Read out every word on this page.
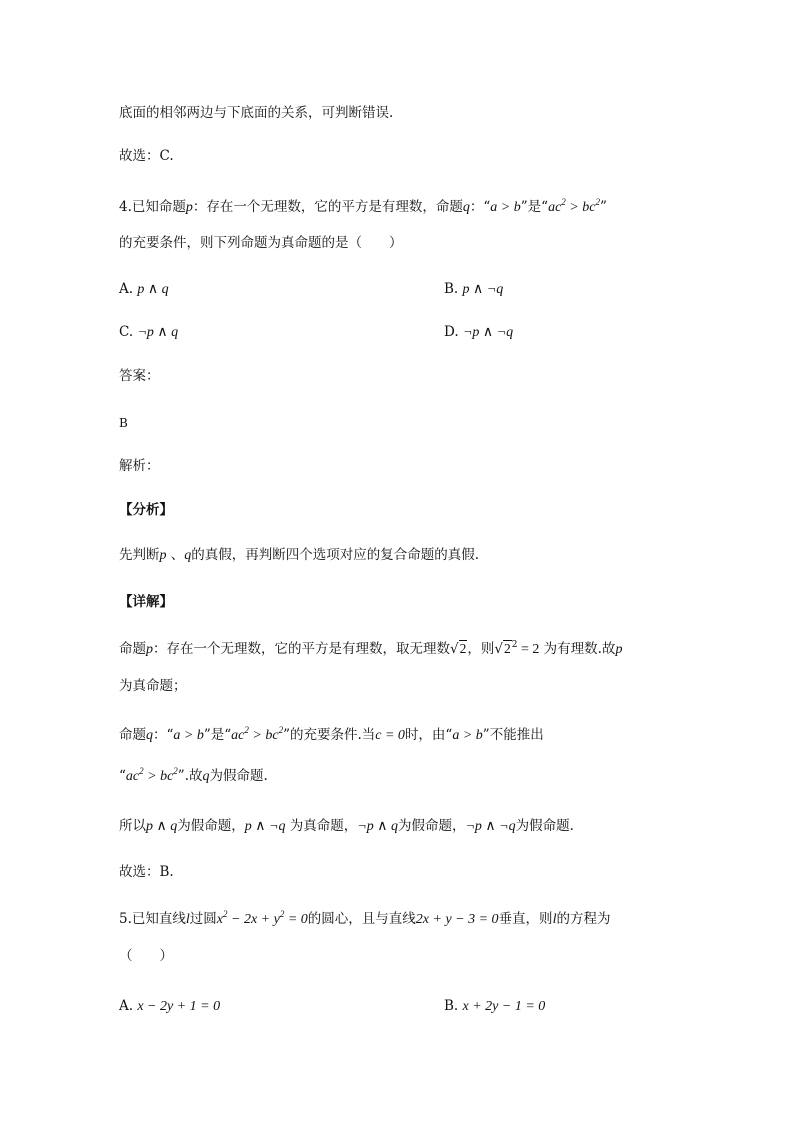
底面的相邻两边与下底面的关系，可判断错误.
故选：C.
4.已知命题p：存在一个无理数，它的平方是有理数，命题q：“a > b”是“$ac^2 > bc^2$”
的充要条件，则下列命题为真命题的是（　　）
A. p ∧ q	B. p ∧ ¬q
C. ¬p ∧ q	D. ¬p ∧ ¬q
答案：
B
解析：
【分析】
先判断p 、q的真假，再判断四个选项对应的复合命题的真假.
【详解】
命题p：存在一个无理数，它的平方是有理数，取无理数√2，则$√2^2 = 2$ 为有理数.故p
为真命题；
命题q：“a > b”是“$ac^2 > bc^2$”的充要条件.当c = 0时，由“a > b”不能推出
“$ac^2 > bc^2$”.故q为假命题.
所以p ∧ q为假命题，p ∧ ¬q 为真命题，¬p ∧ q为假命题，¬p ∧ ¬q为假命题.
故选：B.
5.已知直线l过圆$x^2 - 2x + y^2 = 0$的圆心，且与直线2x + y − 3 = 0垂直，则l的方程为
（　　）
A. x − 2y + 1 = 0	B. x + 2y − 1 = 0
